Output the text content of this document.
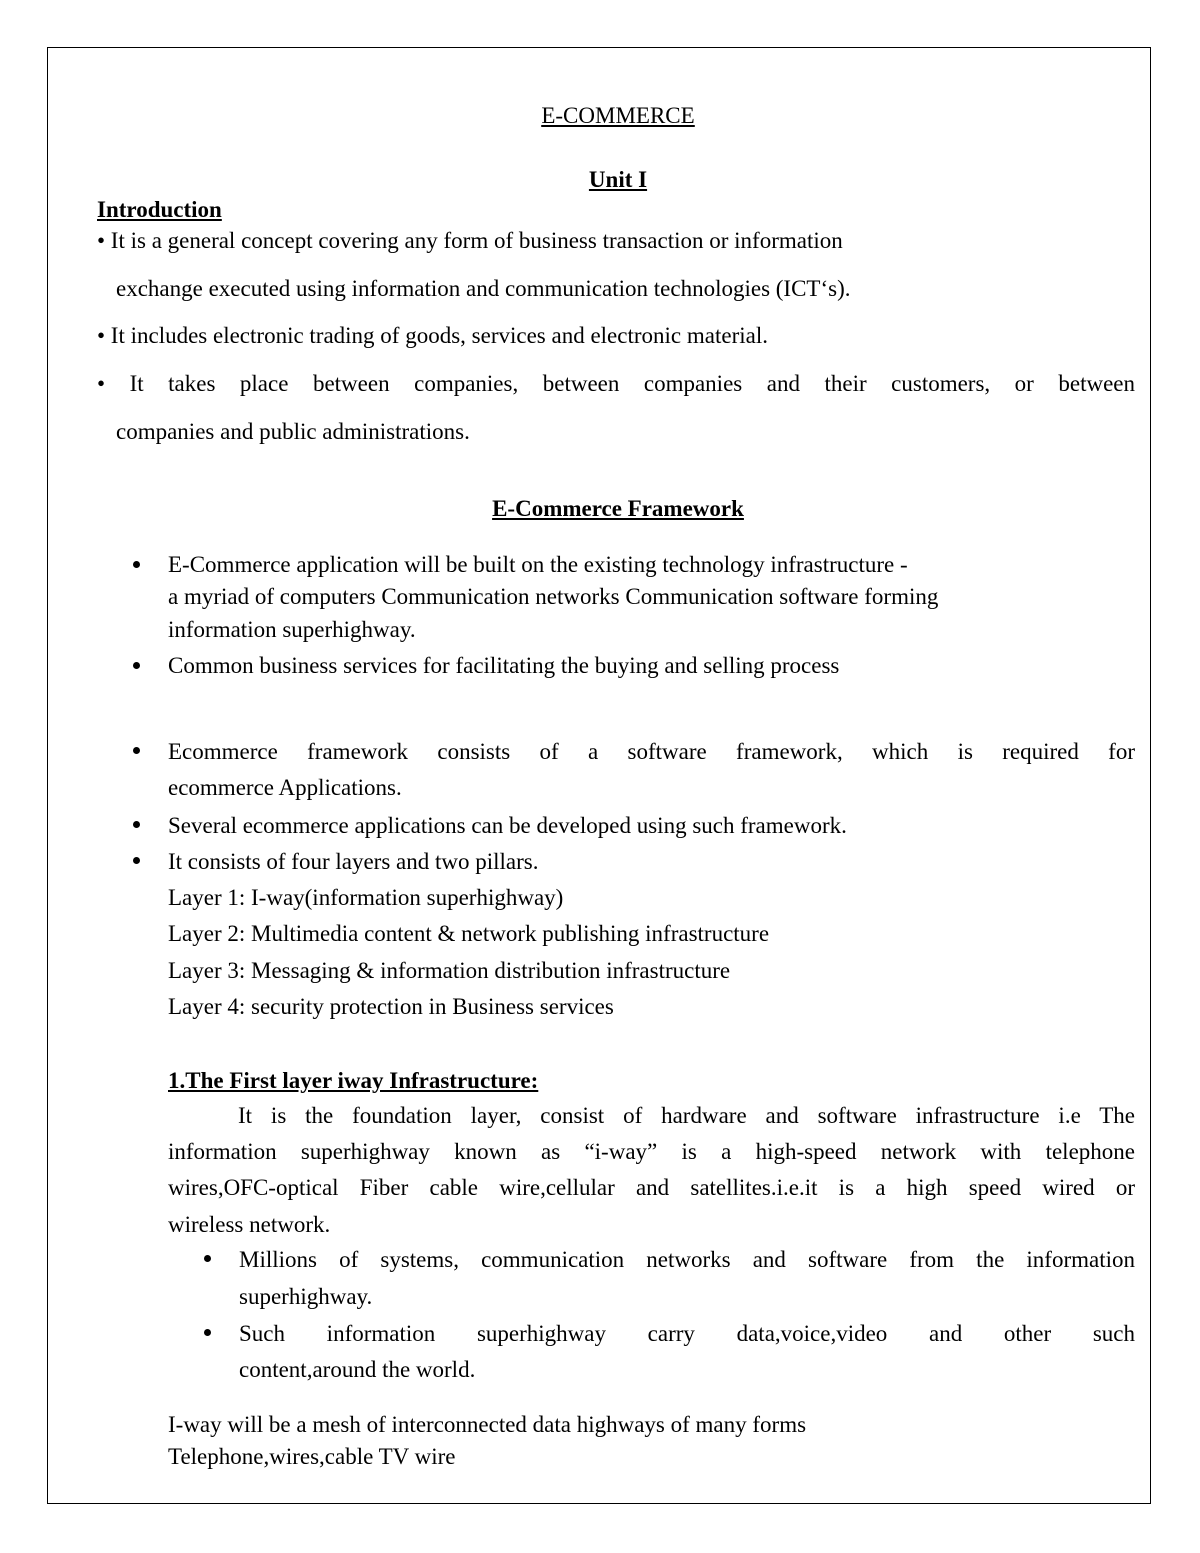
E-COMMERCE
Unit I
Introduction
• It is a general concept covering any form of business transaction or information
exchange executed using information and communication technologies (ICT‘s).
• It includes electronic trading of goods, services and electronic material.
• It takes place between companies, between companies and their customers, or between
companies and public administrations.
E-Commerce Framework
E-Commerce application will be built on the existing technology infrastructure -
a myriad of computers Communication networks Communication software forming
information superhighway.
Common business services for facilitating the buying and selling process
Ecommerce framework consists of a software framework, which is required for
ecommerce Applications.
Several ecommerce applications can be developed using such framework.
It consists of four layers and two pillars.
Layer 1: I-way(information superhighway)
Layer 2: Multimedia content & network publishing infrastructure
Layer 3: Messaging & information distribution infrastructure
Layer 4: security protection in Business services
1.The First layer iway Infrastructure:
It is the foundation layer, consist of hardware and software infrastructure i.e The
information superhighway known as “i-way” is a high-speed network with telephone
wires,OFC-optical Fiber cable wire,cellular and satellites.i.e.it is a high speed wired or
wireless network.
Millions of systems, communication networks and software from the information
superhighway.
Such information superhighway carry data,voice,video and other such
content,around the world.
I-way will be a mesh of interconnected data highways of many forms
Telephone,wires,cable TV wire
